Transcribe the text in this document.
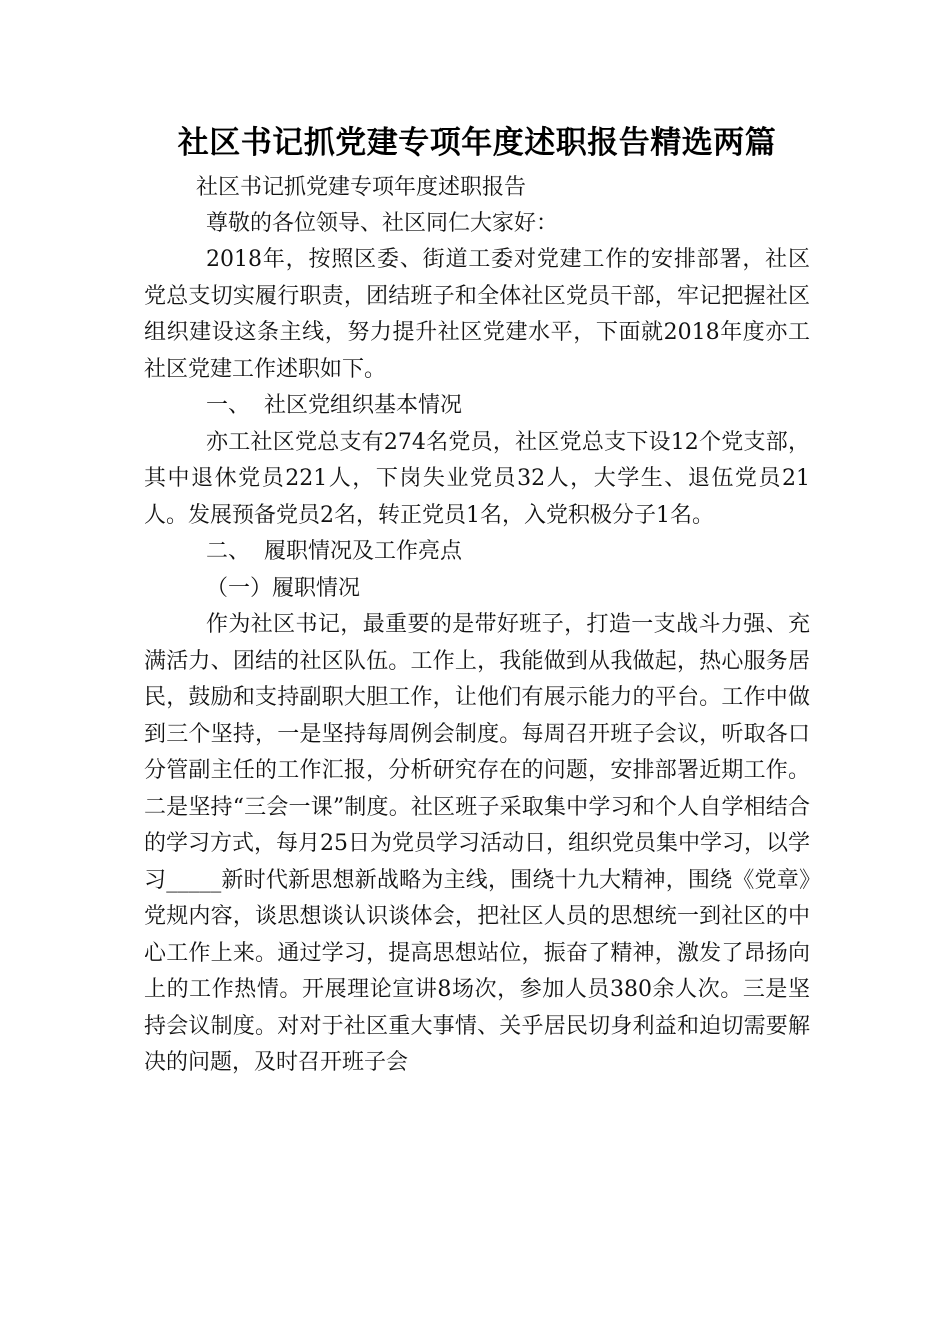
社区书记抓党建专项年度述职报告精选两篇

社区书记抓党建专项年度述职报告

尊敬的各位领导、社区同仁大家好：

2018年，按照区委、街道工委对党建工作的安排部署，社区党总支切实履行职责，团结班子和全体社区党员干部，牢记把握社区组织建设这条主线，努力提升社区党建水平，下面就2018年度亦工社区党建工作述职如下。

一、  社区党组织基本情况

亦工社区党总支有274名党员，社区党总支下设12个党支部，其中退休党员221人，下岗失业党员32人，大学生、退伍党员21人。发展预备党员2名，转正党员1名，入党积极分子1名。

二、  履职情况及工作亮点

（一）履职情况

作为社区书记，最重要的是带好班子，打造一支战斗力强、充满活力、团结的社区队伍。工作上，我能做到从我做起，热心服务居民，鼓励和支持副职大胆工作，让他们有展示能力的平台。工作中做到三个坚持，一是坚持每周例会制度。每周召开班子会议，听取各口分管副主任的工作汇报，分析研究存在的问题，安排部署近期工作。二是坚持“三会一课”制度。社区班子采取集中学习和个人自学相结合的学习方式，每月25日为党员学习活动日，组织党员集中学习，以学习_____新时代新思想新战略为主线，围绕十九大精神，围绕《党章》党规内容，谈思想谈认识谈体会，把社区人员的思想统一到社区的中心工作上来。通过学习，提高思想站位，振奋了精神，激发了昂扬向上的工作热情。开展理论宣讲8场次，参加人员380余人次。三是坚持会议制度。对对于社区重大事情、关乎居民切身利益和迫切需要解决的问题，及时召开班子会
